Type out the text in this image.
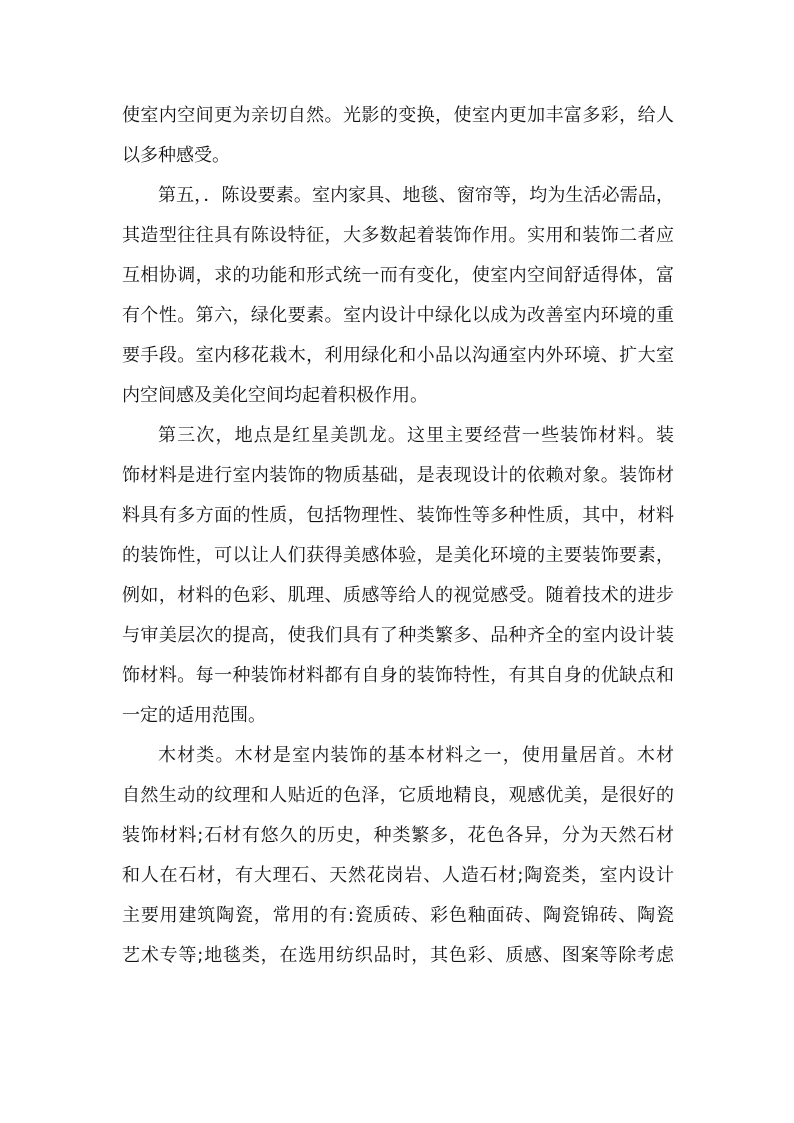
使室内空间更为亲切自然。光影的变换，使室内更加丰富多彩，给人
以多种感受。
第五，．陈设要素。室内家具、地毯、窗帘等，均为生活必需品，
其造型往往具有陈设特征，大多数起着装饰作用。实用和装饰二者应
互相协调，求的功能和形式统一而有变化，使室内空间舒适得体，富
有个性。第六，绿化要素。室内设计中绿化以成为改善室内环境的重
要手段。室内移花栽木，利用绿化和小品以沟通室内外环境、扩大室
内空间感及美化空间均起着积极作用。
第三次，地点是红星美凯龙。这里主要经营一些装饰材料。装
饰材料是进行室内装饰的物质基础，是表现设计的依赖对象。装饰材
料具有多方面的性质，包括物理性、装饰性等多种性质，其中，材料
的装饰性，可以让人们获得美感体验，是美化环境的主要装饰要素，
例如，材料的色彩、肌理、质感等给人的视觉感受。随着技术的进步
与审美层次的提高，使我们具有了种类繁多、品种齐全的室内设计装
饰材料。每一种装饰材料都有自身的装饰特性，有其自身的优缺点和
一定的适用范围。
木材类。木材是室内装饰的基本材料之一，使用量居首。木材
自然生动的纹理和人贴近的色泽，它质地精良，观感优美，是很好的
装饰材料;石材有悠久的历史，种类繁多，花色各异，分为天然石材
和人在石材，有大理石、天然花岗岩、人造石材;陶瓷类，室内设计
主要用建筑陶瓷，常用的有:瓷质砖、彩色釉面砖、陶瓷锦砖、陶瓷
艺术专等;地毯类，在选用纺织品时，其色彩、质感、图案等除考虑
